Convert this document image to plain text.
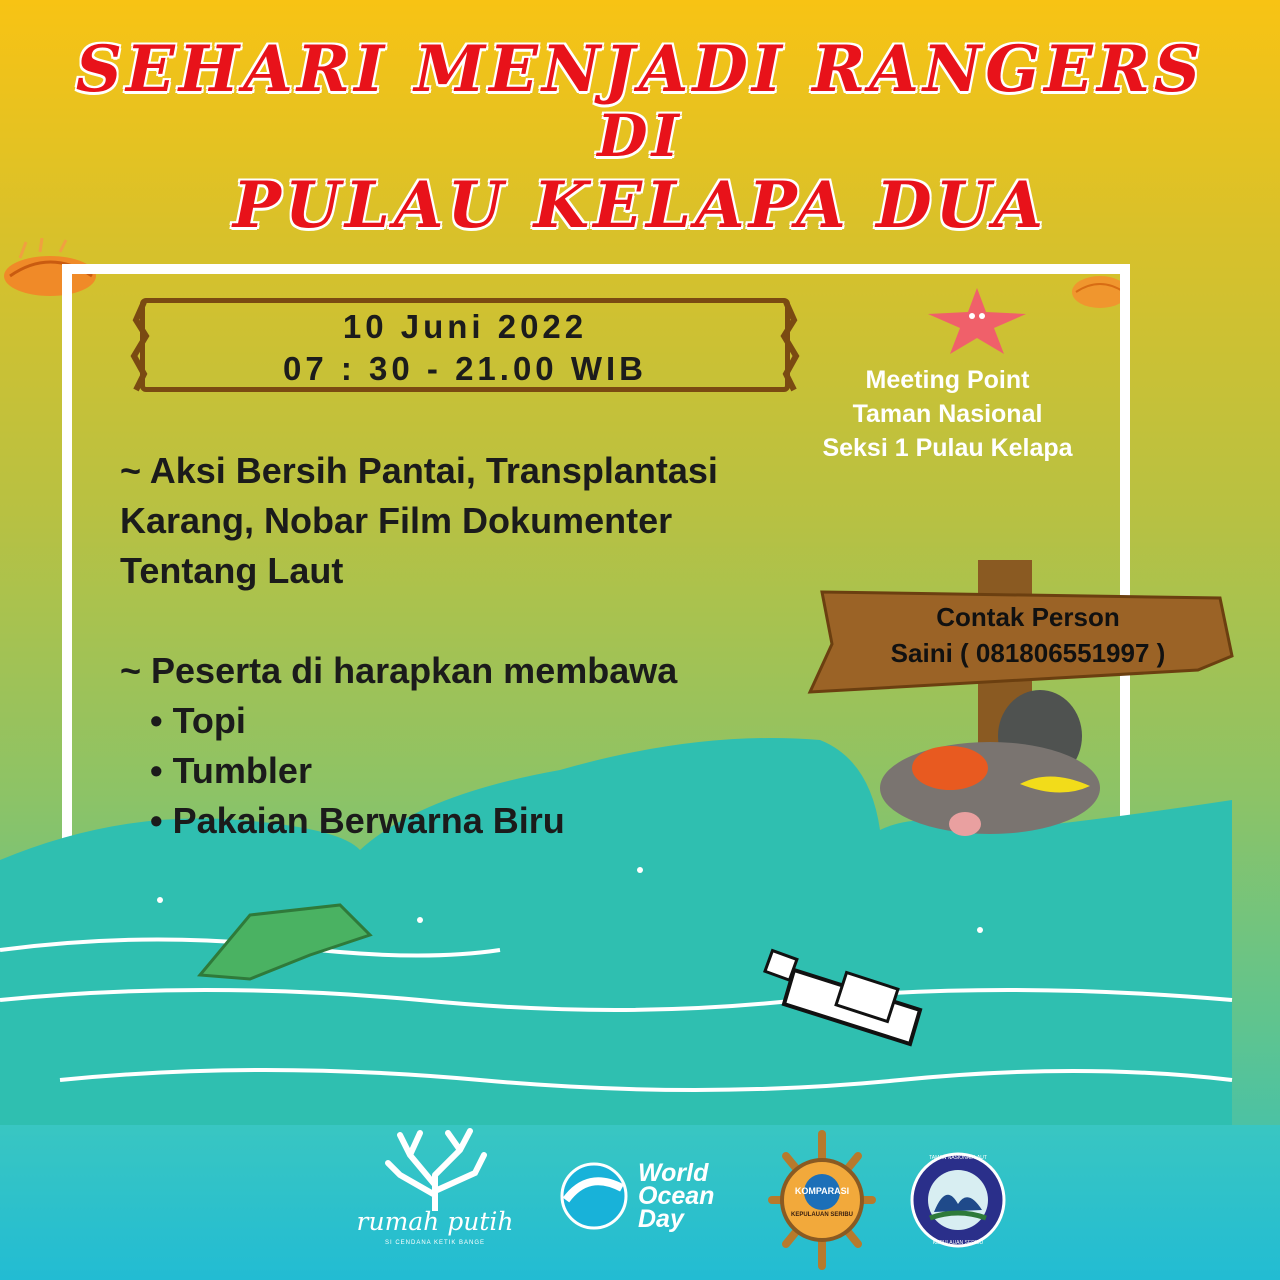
SEHARI MENJADI RANGERS
DI
PULAU KELAPA DUA
10 Juni 2022
07 : 30 - 21.00 WIB	Meeting Point
Taman Nasional
Seksi 1 Pulau Kelapa
~ Aksi Bersih Pantai, Transplantasi
Karang, Nobar Film Dokumenter
Tentang Laut
~ Peserta di harapkan membawa
Contak Person
Saini ( 081806551997 )
rumah putih
SI CENDANA KETIK BANGE
World
Ocean
Day
KOMPARASI
KEPULAUAN SERIBU
KEPULAUAN SERIBU
• Topi
• Tumbler
• Pakaian Berwarna Biru
TAMAN NASIONAL LAUT
